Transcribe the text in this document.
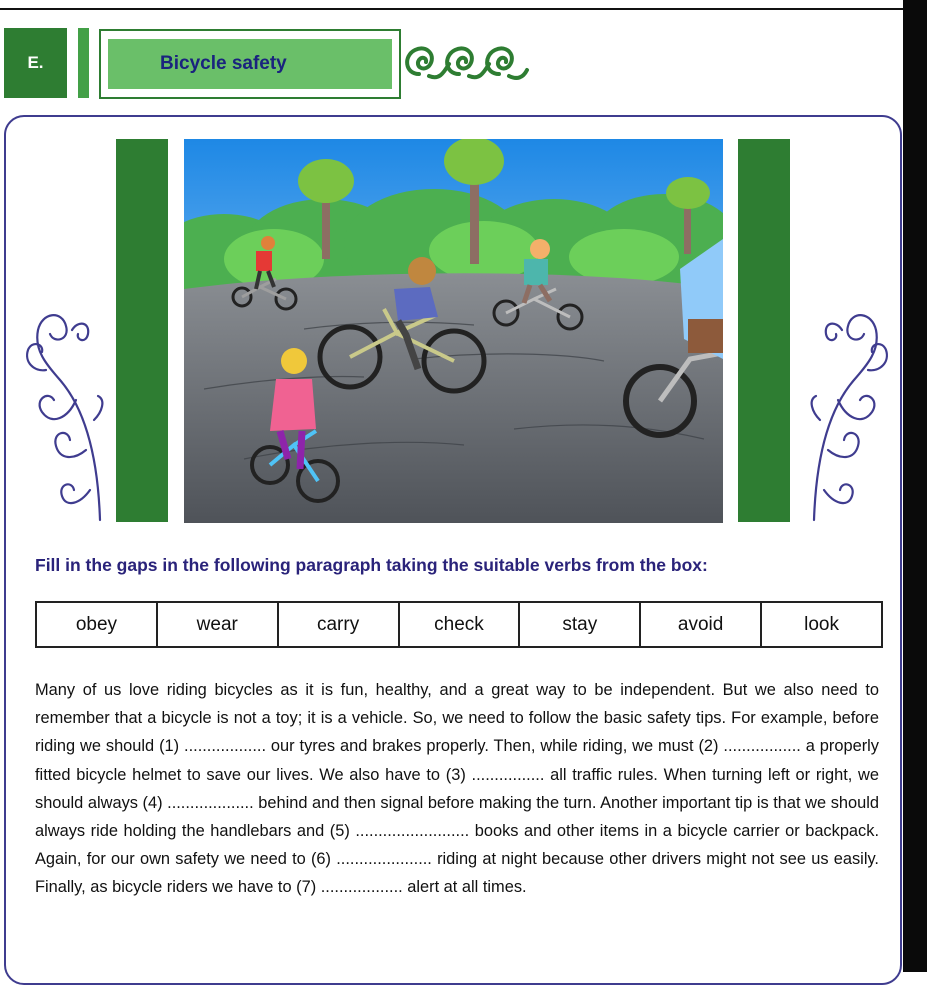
E.	Bicycle safety
Fill in the gaps in the following paragraph taking the suitable verbs from the box:
obey	wear	carry	check	stay	avoid	look

Many of us love riding bicycles as it is fun, healthy, and a great way to be independent. But we also need to remember that a bicycle is not a toy; it is a vehicle. So, we need to follow the basic safety tips. For example, before riding we should (1) .................. our tyres and brakes properly. Then, while riding, we must (2) ................. a properly fitted bicycle helmet to save our lives. We also have to (3) ................ all traffic rules. When turning left or right, we should always (4) ................... behind and then signal before making the turn. Another important tip is that we should always ride holding the handlebars and (5) ......................... books and other items in a bicycle carrier or backpack. Again, for our own safety we need to (6) ..................... riding at night because other drivers might not see us easily. Finally, as bicycle riders we have to (7) .................. alert at all times.
